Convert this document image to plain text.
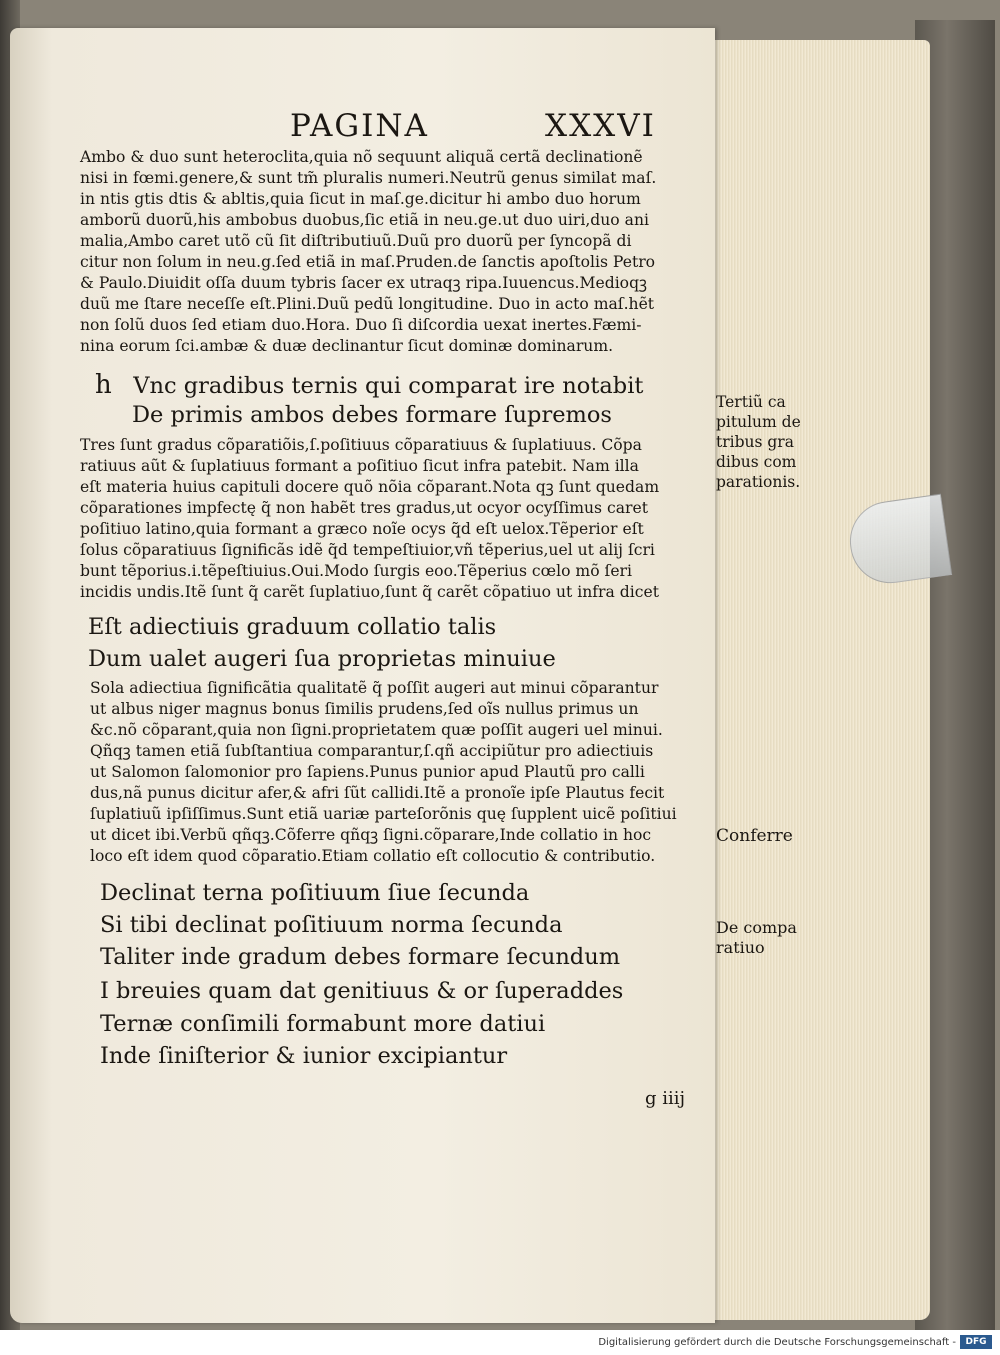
PAGINA	XXXVI

Ambo & duo sunt heteroclita,quia nõ sequunt aliquã certã declinationẽ

nisi in fœmi.genere,& sunt tm̃ pluralis numeri.Neutrũ genus similat maſ.

in ntis gtis dtis & abltis,quia ſicut in maſ.ge.dicitur hi ambo duo horum

amborũ duorũ,his ambobus duobus,ſic etiã in neu.ge.ut duo uiri,duo ani

malia,Ambo caret utõ cũ ſit diſtributiuũ.Duũ pro duorũ per ſyncopã di

citur non ſolum in neu.g.ſed etiã in maſ.Pruden.de ſanctis apoſtolis Petro

& Paulo.Diuidit oſſa duum tybris ſacer ex utraqꝫ ripa.Iuuencus.Medioqꝫ

duũ me ſtare neceſſe eſt.Plini.Duũ pedũ longitudine. Duo in acto maſ.hẽt

non ſolũ duos ſed etiam duo.Hora. Duo ſi diſcordia uexat inertes.Fæmi-

nina eorum ſci.ambæ & duæ declinantur ſicut dominæ dominarum.

h Vnc gradibus ternis qui comparat ire notabit
De primis ambos debes formare ſupremos

Tres ſunt gradus cõparatiõis,ſ.poſitiuus cõparatiuus & ſuplatiuus. Cõpa

ratiuus aũt & ſuplatiuus formant a poſitiuo ſicut infra patebit. Nam illa

eſt materia huius capituli docere quõ nõia cõparant.Nota qꝫ ſunt quedam

cõparationes impfectę q̃ non habẽt tres gradus,ut ocyor ocyſſimus caret

poſitiuo latino,quia formant a græco noĩe ocys q̃d eſt uelox.Tẽperior eſt

ſolus cõparatiuus ſignificãs idẽ q̃d tempeſtiuior,vñ tẽperius,uel ut alij ſcri

bunt tẽporius.i.tẽpeſtiuius.Oui.Modo ſurgis eoo.Tẽperius cœlo mõ ſeri

incidis undis.Itẽ ſunt q̃ carẽt ſuplatiuo,ſunt q̃ carẽt cõpatiuo ut infra dicet

Eſt adiectiuis graduum collatio talis
Dum ualet augeri ſua proprietas minuiue

Sola adiectiua ſignificãtia qualitatẽ q̃ poſſit augeri aut minui cõparantur

ut albus niger magnus bonus ſimilis prudens,ſed oĩs nullus primus un

&c.nõ cõparant,quia non ſigni.proprietatem quæ poſſit augeri uel minui.

Qñqꝫ tamen etiã ſubſtantiua comparantur,ſ.qñ accipiũtur pro adiectiuis

ut Salomon ſalomonior pro ſapiens.Punus punior apud Plautũ pro calli

dus,nã punus dicitur afer,& afri ſũt callidi.Itẽ a pronoĩe ipſe Plautus fecit

ſuplatiuũ ipſiſſimus.Sunt etiã uariæ parteſorõnis quę ſupplent uicẽ poſitiui

ut dicet ibi.Verbũ qñqꝫ.Cõferre qñqꝫ ſigni.cõparare,Inde collatio in hoc

loco eſt idem quod cõparatio.Etiam collatio eſt collocutio & contributio.

Declinat terna poſitiuum ſiue ſecunda
Si tibi declinat poſitiuum norma ſecunda
Taliter inde gradum debes formare ſecundum
I breuies quam dat genitiuus & or ſuperaddes
Ternæ conſimili formabunt more datiui
Inde ſiniſterior & iunior excipiantur
Tertiũ ca
pitulum de
tribus gra
dibus com
parationis.
Conferre
De compa
ratiuo
g iiij
Digitalisierung gefördert durch die Deutsche Forschungsgemeinschaft -	DFG
